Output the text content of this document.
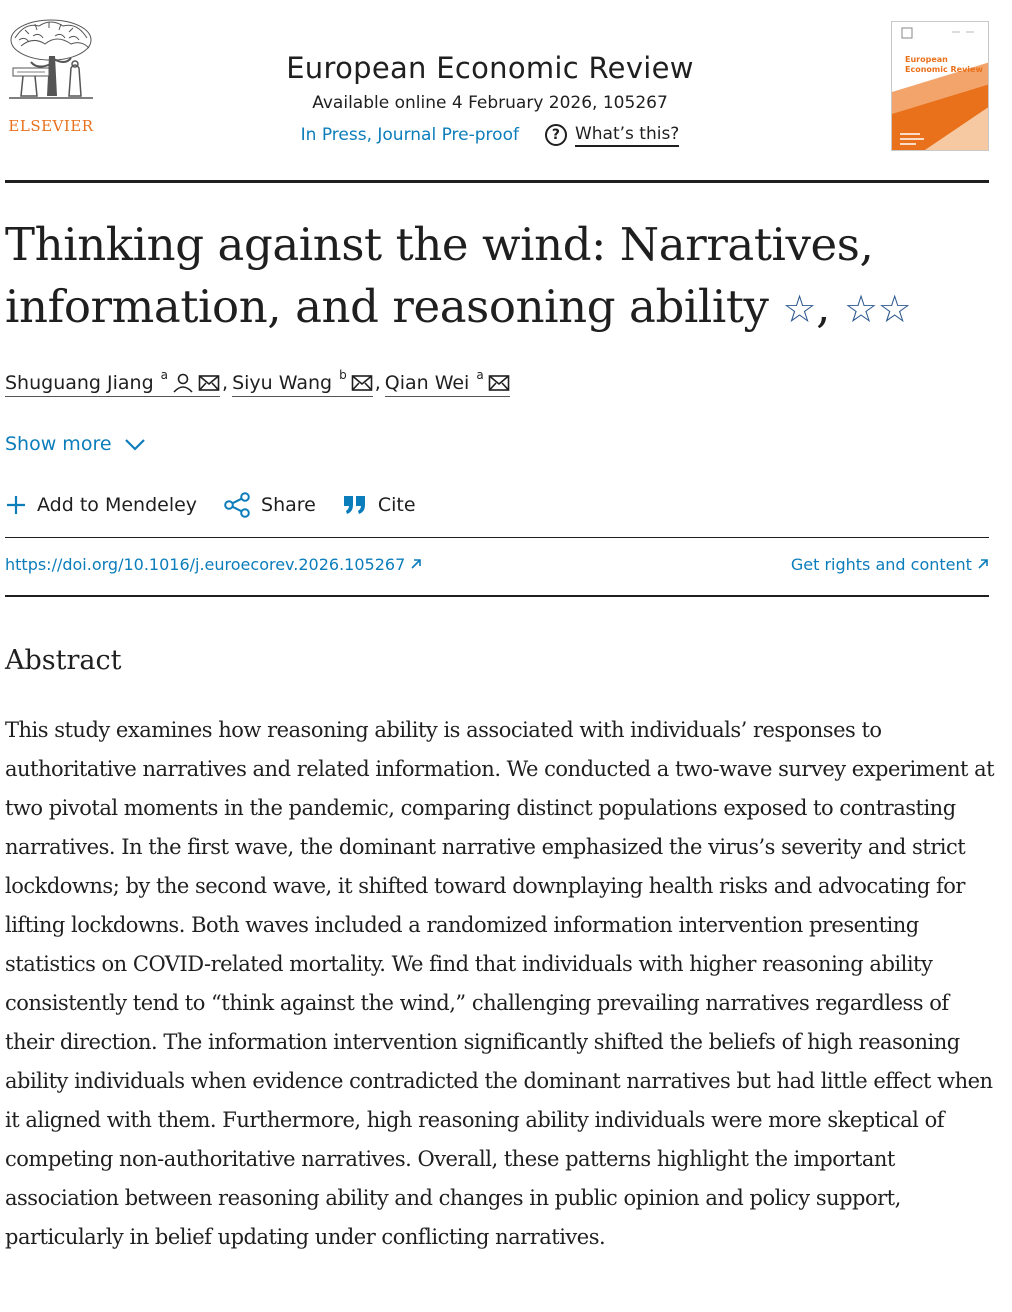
ELSEVIER
European Economic Review
Available online 4 February 2026, 105267
In Press, Journal Pre-proof	? What’s this?
European
Economic Review
Thinking against the wind: Narratives,
information, and reasoning ability ☆, ☆☆
Shuguang Jiang $^a$	, Siyu Wang $^b$ , Qian Wei $^a$
Show more
Add to Mendeley	Share	Cite
https://doi.org/10.1016/j.euroecorev.2026.105267	Get rights and content
Abstract

This study examines how reasoning ability is associated with individuals’ responses to authoritative narratives and related information. We conducted a two-wave survey experiment at two pivotal moments in the pandemic, comparing distinct populations exposed to contrasting narratives. In the first wave, the dominant narrative emphasized the virus’s severity and strict lockdowns; by the second wave, it shifted toward downplaying health risks and advocating for lifting lockdowns. Both waves included a randomized information intervention presenting statistics on COVID-related mortality. We find that individuals with higher reasoning ability consistently tend to “think against the wind,” challenging prevailing narratives regardless of their direction. The information intervention significantly shifted the beliefs of high reasoning ability individuals when evidence contradicted the dominant narratives but had little effect when it aligned with them. Furthermore, high reasoning ability individuals were more skeptical of competing non-authoritative narratives. Overall, these patterns highlight the important association between reasoning ability and changes in public opinion and policy support, particularly in belief updating under conflicting narratives.
